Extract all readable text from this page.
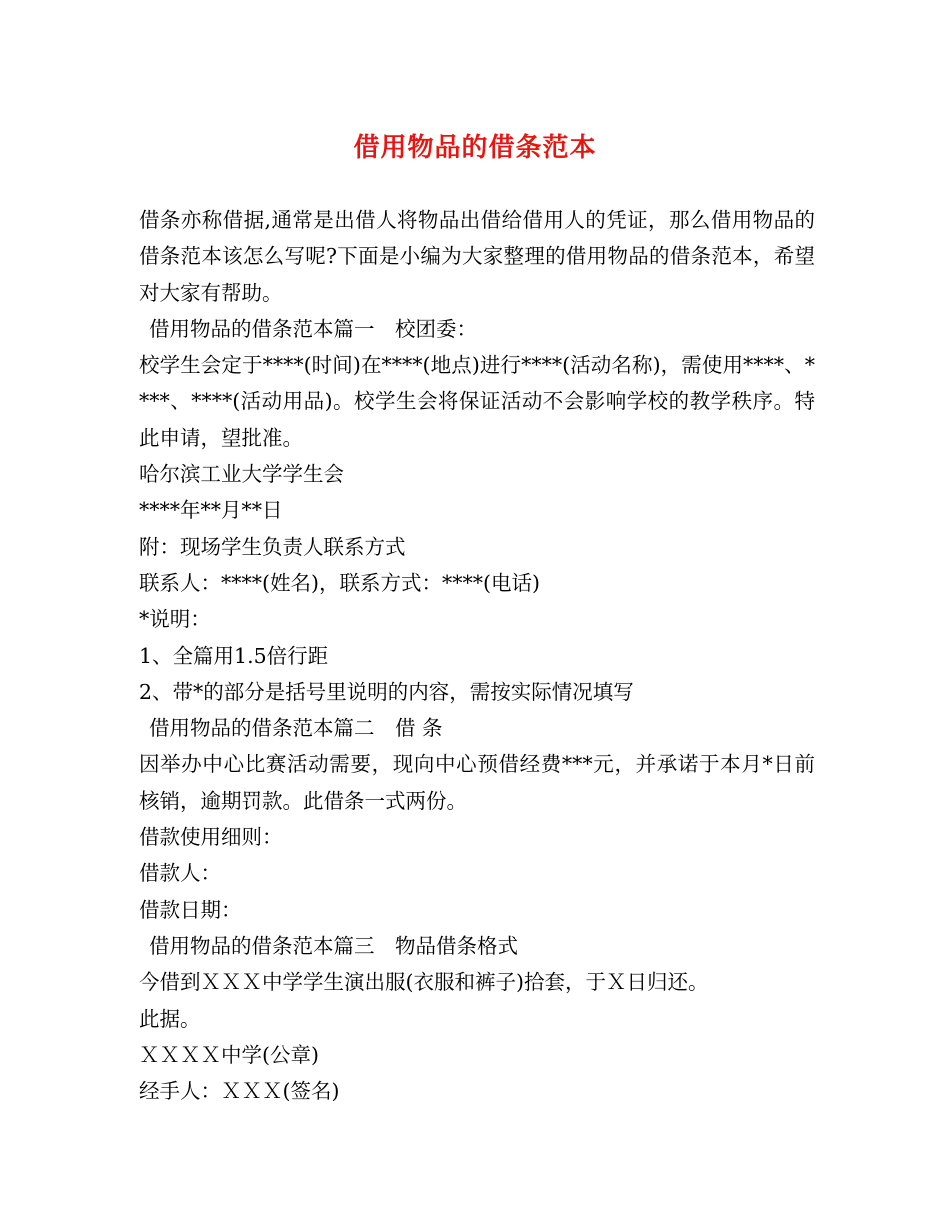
借用物品的借条范本

借条亦称借据,通常是出借人将物品出借给借用人的凭证，那么借用物品的借条范本该怎么写呢?下面是小编为大家整理的借用物品的借条范本，希望对大家有帮助。

借用物品的借条范本篇一　校团委：

校学生会定于****(时间)在****(地点)进行****(活动名称)，需使用****、****、****(活动用品)。校学生会将保证活动不会影响学校的教学秩序。特此申请，望批准。

哈尔滨工业大学学生会

****年**月**日

附：现场学生负责人联系方式

联系人：****(姓名)，联系方式：****(电话)

*说明：

1、全篇用1.5倍行距

2、带*的部分是括号里说明的内容，需按实际情况填写

借用物品的借条范本篇二　借 条

因举办中心比赛活动需要，现向中心预借经费***元，并承诺于本月*日前核销，逾期罚款。此借条一式两份。

借款使用细则：

借款人：

借款日期：

借用物品的借条范本篇三　物品借条格式

今借到ＸＸＸ中学学生演出服(衣服和裤子)拾套，于Ｘ日归还。

此据。

ＸＸＸＸ中学(公章)

经手人：ＸＸＸ(签名)
